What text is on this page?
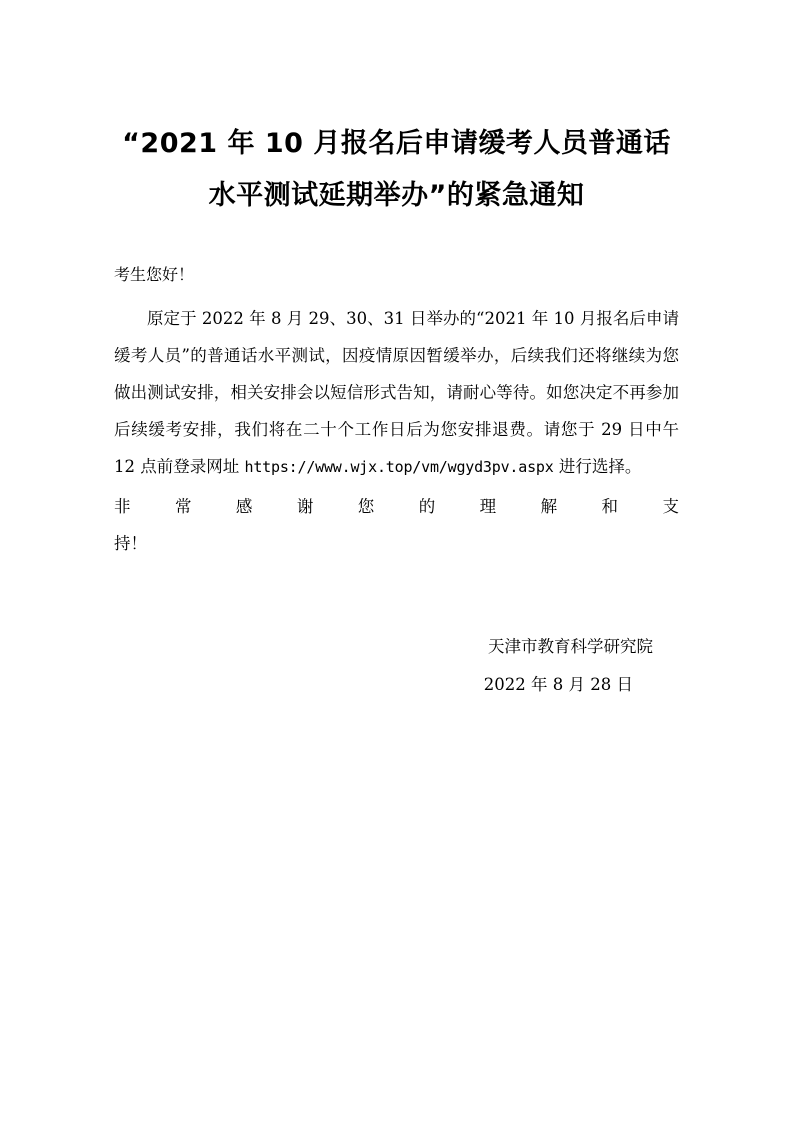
“2021 年 10 月报名后申请缓考人员普通话
水平测试延期举办”的紧急通知

考生您好！

原定于 2022 年 8 月 29、30、31 日举办的“2021 年 10 月报名后申请缓考人员”的普通话水平测试，因疫情原因暂缓举办，后续我们还将继续为您做出测试安排，相关安排会以短信形式告知，请耐心等待。如您决定不再参加后续缓考安排，我们将在二十个工作日后为您安排退费。请您于 29 日中午 12 点前登录网址 https://www.wjx.top/vm/wgyd3pv.aspx 进行选择。

非常感谢您的理解和支
持！

天津市教育科学研究院
2022 年 8 月 28 日
